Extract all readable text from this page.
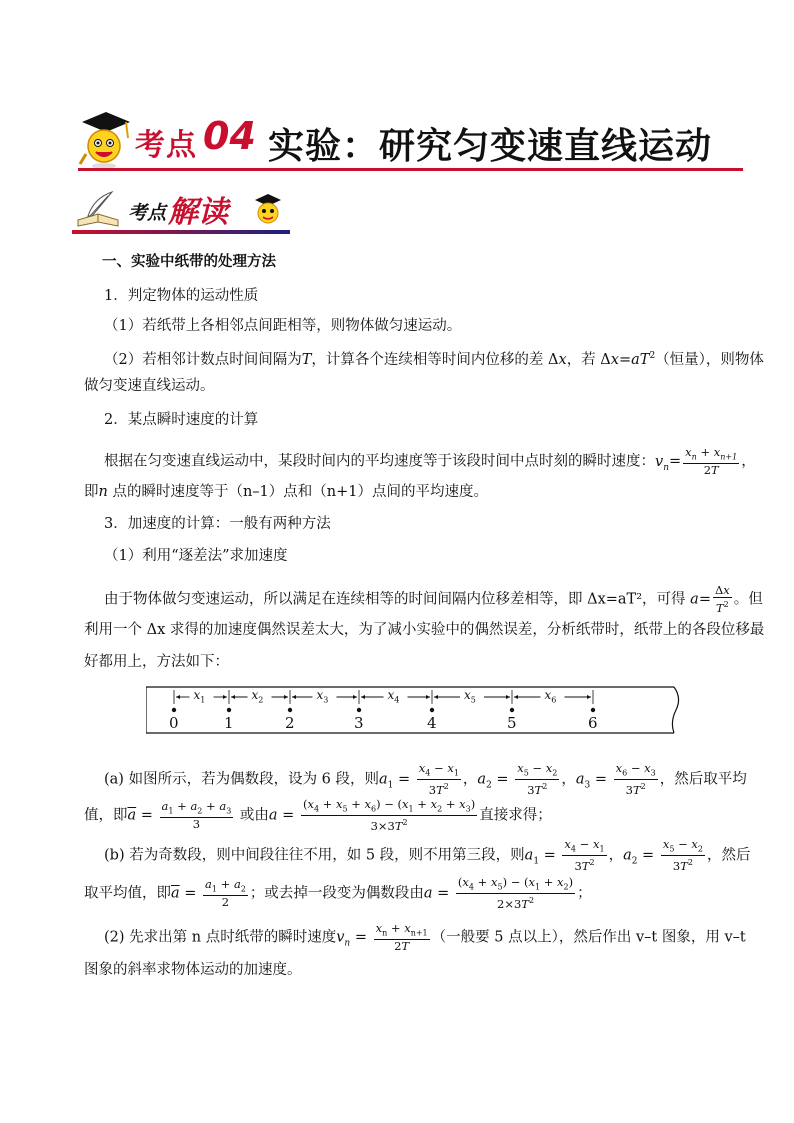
考点 04 实验：研究匀变速直线运动
考点 解读
一、实验中纸带的处理方法
1．判定物体的运动性质
（1）若纸带上各相邻点间距相等，则物体做匀速运动。
（2）若相邻计数点时间间隔为T，计算各个连续相等时间内位移的差 Δx，若 $\Delta x=aT^2$（恒量），则物体
做匀变速直线运动。
2．某点瞬时速度的计算
根据在匀变速直线运动中，某段时间内的平均速度等于该段时间中点时刻的瞬时速度：$v_n= \frac{x_n + x_{n+1}}{2T}$ ，
即n 点的瞬时速度等于（n–1）点和（n+1）点间的平均速度。
3．加速度的计算：一般有两种方法
（1）利用“逐差法”求加速度
由于物体做匀变速运动，所以满足在连续相等的时间间隔内位移差相等，即 Δx=aT²，可得 $a= \frac{\Delta x}{T^2}$ 。但
利用一个 Δx 求得的加速度偶然误差太大，为了减小实验中的偶然误差，分析纸带时，纸带上的各段位移最
好都用上，方法如下：
0	1	2	3	4	5	6
$x_1$	$x_2$	$x_3$	$x_4$	$x_5$	$x_6$
(a) 如图所示，若为偶数段，设为 6 段，则$a_1 = \frac{x_4 - x_1}{3T^2}$ ，$a_2 = \frac{x_5 - x_2}{3T^2}$ ，$a_3 = \frac{x_6 - x_3}{3T^2}$ ，然后取平均
值，即$\overline{a} = \frac{a_1 + a_2 + a_3}{3}$ 或由$a = \frac{(x_4 + x_5 + x_6) - (x_1 + x_2 + x_3)}{3\times 3T^2}$ 直接求得；
(b) 若为奇数段，则中间段往往不用，如 5 段，则不用第三段，则$a_1 = \frac{x_4 - x_1}{3T^2}$ ，$a_2 = \frac{x_5 - x_2}{3T^2}$ ，然后
取平均值，即$\overline{a} = \frac{a_1 + a_2}{2}$ ；或去掉一段变为偶数段由$a = \frac{(x_4 + x_5) - (x_1 + x_2)}{2\times 3T^2}$ ；
(2) 先求出第 n 点时纸带的瞬时速度$v_n = \frac{x_n + x_{n+1}}{2T}$ （一般要 5 点以上），然后作出 v–t 图象，用 v–t
图象的斜率求物体运动的加速度。
